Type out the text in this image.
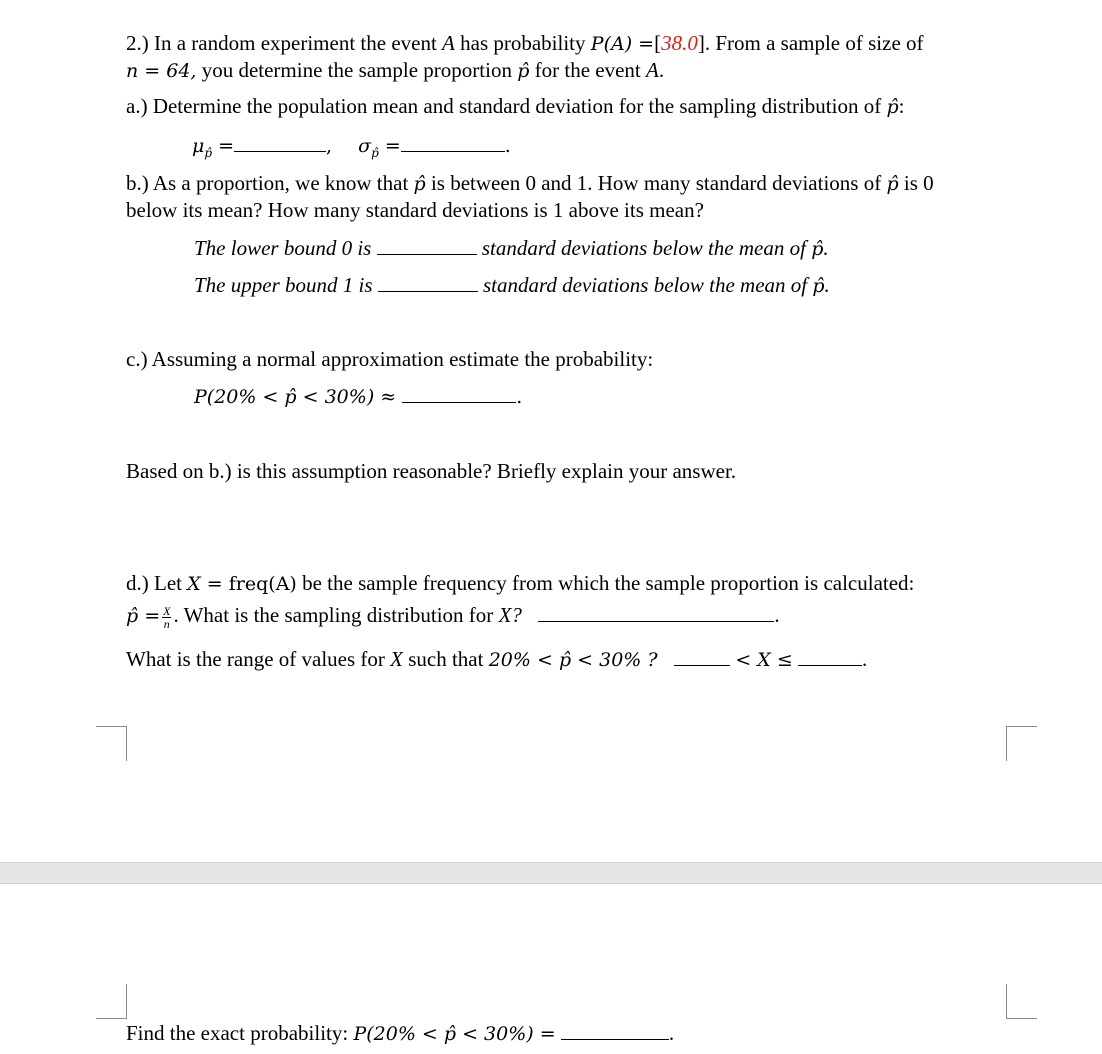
2.) In a random experiment the event A has probability P(A) =[38.0]. From a sample of size of
n = 64, you determine the sample proportion p̂ for the event A.
a.) Determine the population mean and standard deviation for the sampling distribution of p̂:
$\mu_{p̂}$ =	, $\sigma_{p̂}$ =	.
b.) As a proportion, we know that p̂ is between 0 and 1. How many standard deviations of p̂ is 0
below its mean? How many standard deviations is 1 above its mean?
The lower bound 0 is	standard deviations below the mean of p̂.
The upper bound 1 is	standard deviations below the mean of p̂.
c.) Assuming a normal approximation estimate the probability:
P(20% < p̂ < 30%) ≈	.
Based on b.) is this assumption reasonable? Briefly explain your answer.
d.) Let X = freq(A) be the sample frequency from which the sample proportion is calculated:
p̂ = $\frac{X}{n}$ . What is the sampling distribution for X?	.
What is the range of values for X such that 20% < p̂ < 30% ?	< X ≤	.
Find the exact probability: P(20% < p̂ < 30%) =	.
